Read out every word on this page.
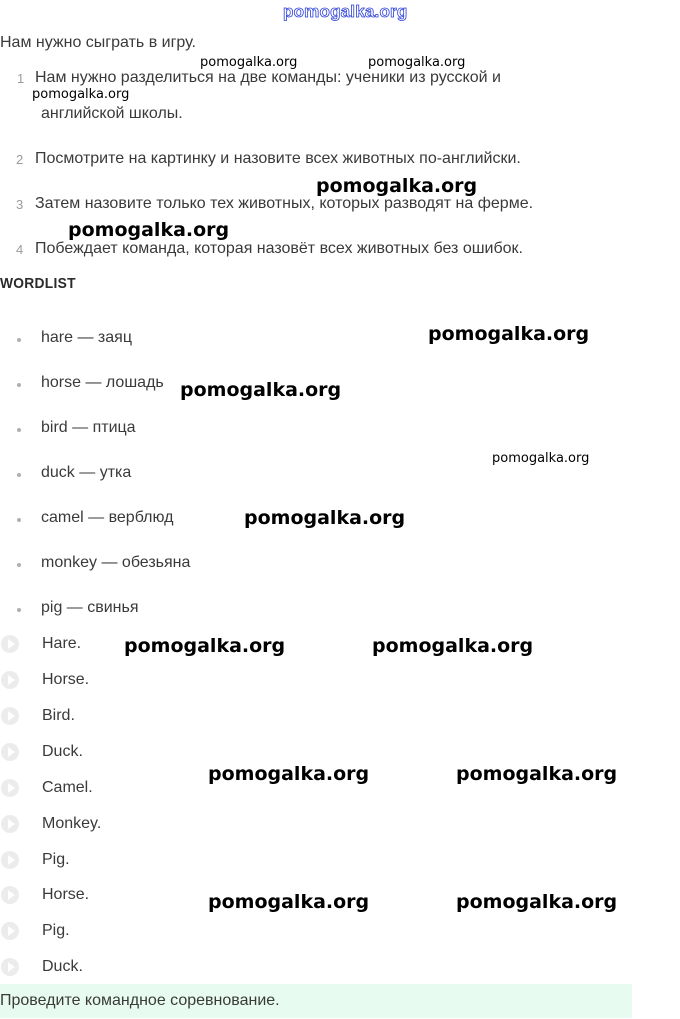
pomogalka.org
Нам нужно сыграть в игру.
1 Нам нужно разделиться на две команды: ученики из русской и
английской школы.
2 Посмотрите на картинку и назовите всех животных по-английски.
3 Затем назовите только тех животных, которых разводят на ферме.
4 Побеждает команда, которая назовёт всех животных без ошибок.
WORDLIST
hare — заяц
horse — лошадь
bird — птица
duck — утка
camel — верблюд
monkey — обезьяна
pig — свинья
Hare.
Horse.
Bird.
Duck.
Camel.
Monkey.
Pig.
Horse.
Pig.
Duck.
Проведите командное соревнование.
pomogalka.org	pomogalka.org
pomogalka.org
pomogalka.org
pomogalka.org
pomogalka.org
pomogalka.org
pomogalka.org
pomogalka.org
pomogalka.org	pomogalka.org
pomogalka.org	pomogalka.org
pomogalka.org	pomogalka.org
